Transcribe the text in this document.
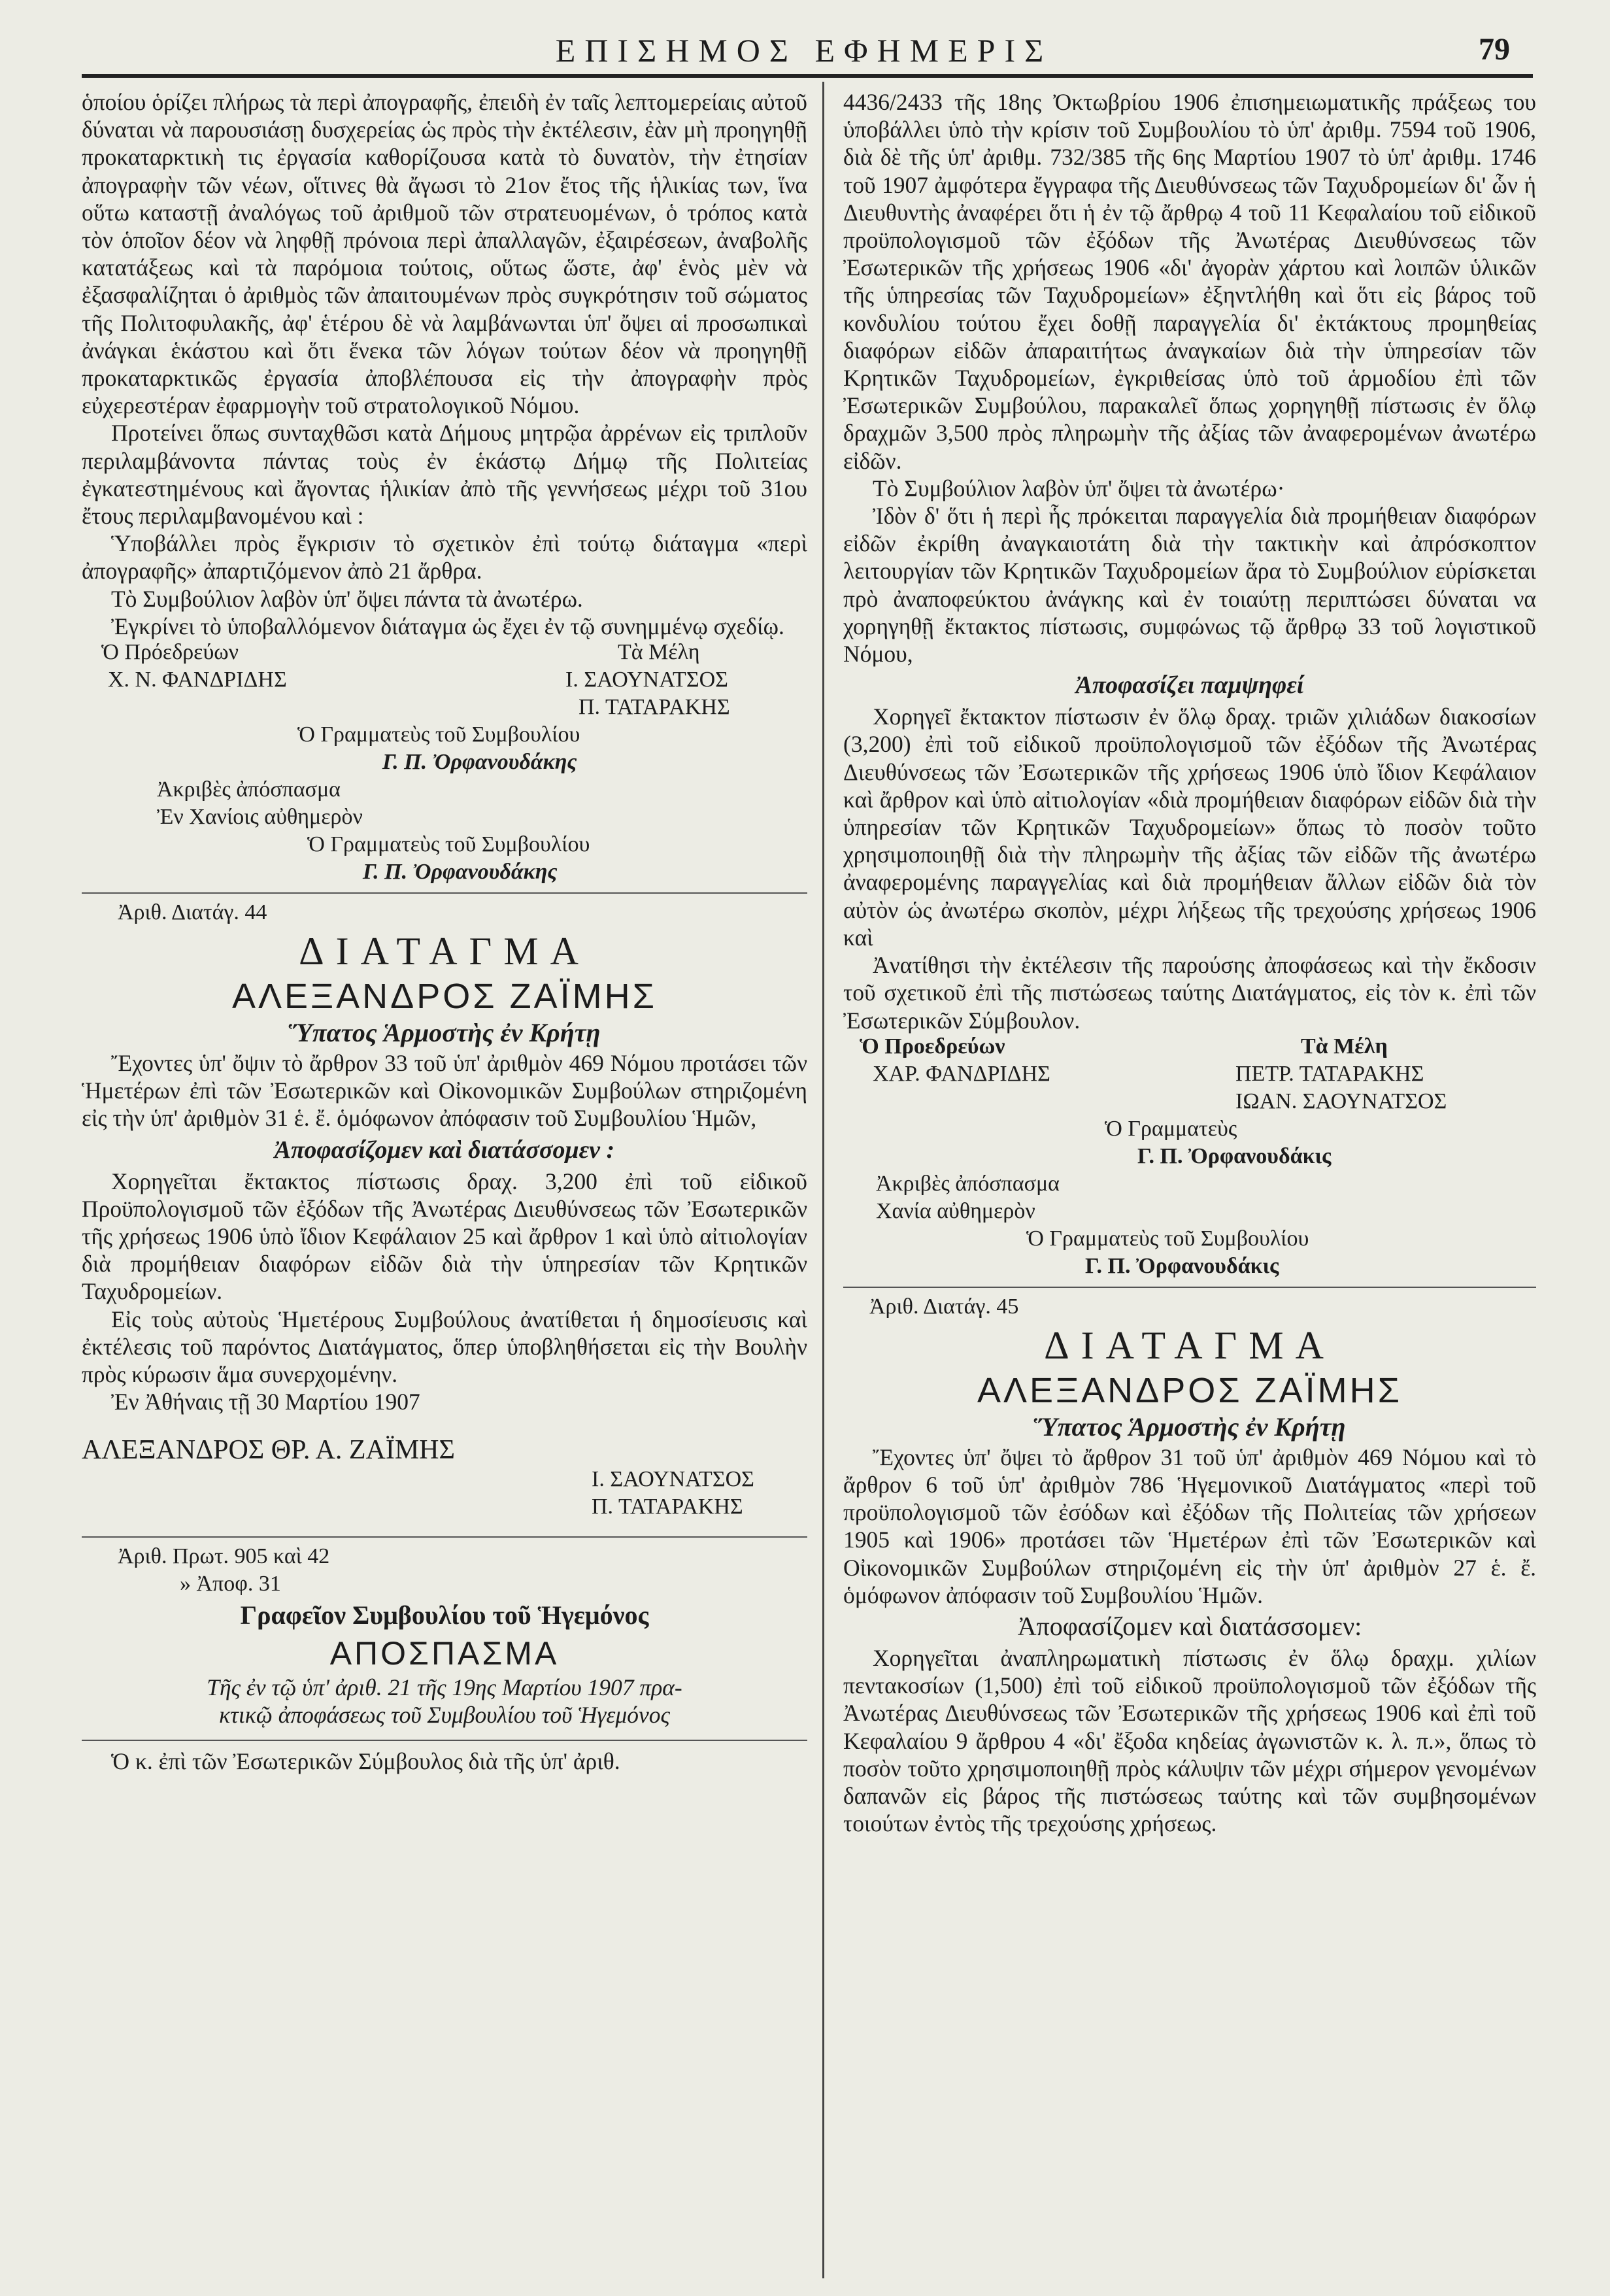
ΕΠΙΣΗΜΟΣ ΕΦΗΜΕΡΙΣ	79

ὁποίου ὁρίζει πλήρως τὰ περὶ ἀπογραφῆς, ἐπειδὴ ἐν ταῖς λεπτομερείαις αὐτοῦ δύναται νὰ παρουσιάσῃ δυσχερείας ὡς πρὸς τὴν ἐκτέλεσιν, ἐὰν μὴ προηγηθῇ προκαταρκτικὴ τις ἐργασία καθορίζουσα κατὰ τὸ δυνατὸν, τὴν ἐτησίαν ἀπογραφὴν τῶν νέων, οἵτινες θὰ ἄγωσι τὸ 21ον ἔτος τῆς ἡλικίας των, ἵνα οὕτω καταστῇ ἀναλόγως τοῦ ἀριθμοῦ τῶν στρατευομένων, ὁ τρόπος κατὰ τὸν ὁποῖον δέον νὰ ληφθῇ πρόνοια περὶ ἀπαλλαγῶν, ἐξαιρέσεων, ἀναβολῆς κατατάξεως καὶ τὰ παρόμοια τούτοις, οὕτως ὥστε, ἀφ' ἑνὸς μὲν νὰ ἐξασφαλίζηται ὁ ἀριθμὸς τῶν ἀπαιτουμένων πρὸς συγκρότησιν τοῦ σώματος τῆς Πολιτοφυλακῆς, ἀφ' ἑτέρου δὲ νὰ λαμβάνωνται ὑπ' ὄψει αἱ προσωπικαὶ ἀνάγκαι ἑκάστου καὶ ὅτι ἕνεκα τῶν λόγων τούτων δέον νὰ προηγηθῇ προκαταρκτικῶς ἐργασία ἀποβλέπουσα εἰς τὴν ἀπογραφὴν πρὸς εὐχερεστέραν ἐφαρμογὴν τοῦ στρατολογικοῦ Νόμου.

Προτείνει ὅπως συνταχθῶσι κατὰ Δήμους μητρῷα ἀρρένων εἰς τριπλοῦν περιλαμβάνοντα πάντας τοὺς ἐν ἑκάστῳ Δήμῳ τῆς Πολιτείας ἐγκατεστημένους καὶ ἄγοντας ἡλικίαν ἀπὸ τῆς γεννήσεως μέχρι τοῦ 31ου ἔτους περιλαμβανομένου καὶ :

Ὑποβάλλει πρὸς ἔγκρισιν τὸ σχετικὸν ἐπὶ τούτῳ διάταγμα «περὶ ἀπογραφῆς» ἀπαρτιζόμενον ἀπὸ 21 ἄρθρα.

Τὸ Συμβούλιον λαβὸν ὑπ' ὄψει πάντα τὰ ἀνωτέρω.

Ἐγκρίνει τὸ ὑποβαλλόμενον διάταγμα ὡς ἔχει ἐν τῷ συνημμένῳ σχεδίῳ.

Ὁ Πρόεδρεύων	Τὰ Μέλη
Χ. Ν. ΦΑΝΔΡΙΔΗΣ	Ι. ΣΑΟΥΝΑΤΣΟΣ
Π. ΤΑΤΑΡΑΚΗΣ
Ὁ Γραμματεὺς τοῦ Συμβουλίου
Γ. Π. Ὀρφανουδάκης
Ἀκριβὲς ἀπόσπασμα
Ἐν Χανίοις αὐθημερὸν
Ὁ Γραμματεὺς τοῦ Συμβουλίου
Γ. Π. Ὀρφανουδάκης
Ἀριθ. Διατάγ. 44
ΔΙΑΤΑΓΜΑ
ΑΛΕΞΑΝΔΡΟΣ ΖΑΪΜΗΣ
Ὕπατος Ἁρμοστὴς ἐν Κρήτῃ

Ἔχοντες ὑπ' ὄψιν τὸ ἄρθρον 33 τοῦ ὑπ' ἀριθμὸν 469 Νόμου προτάσει τῶν Ἡμετέρων ἐπὶ τῶν Ἐσωτερικῶν καὶ Οἰκονομικῶν Συμβούλων στηριζομένη εἰς τὴν ὑπ' ἀριθμὸν 31 ἑ. ἔ. ὁμόφωνον ἀπόφασιν τοῦ Συμβουλίου Ἡμῶν,

Ἀποφασίζομεν καὶ διατάσσομεν :

Χορηγεῖται ἔκτακτος πίστωσις δραχ. 3,200 ἐπὶ τοῦ εἰδικοῦ Προϋπολογισμοῦ τῶν ἐξόδων τῆς Ἀνωτέρας Διευθύνσεως τῶν Ἐσωτερικῶν τῆς χρήσεως 1906 ὑπὸ ἴδιον Κεφάλαιον 25 καὶ ἄρθρον 1 καὶ ὑπὸ αἰτιολογίαν διὰ προμήθειαν διαφόρων εἰδῶν διὰ τὴν ὑπηρεσίαν τῶν Κρητικῶν Ταχυδρομείων.

Εἰς τοὺς αὐτοὺς Ἡμετέρους Συμβούλους ἀνατίθεται ἡ δημοσίευσις καὶ ἐκτέλεσις τοῦ παρόντος Διατάγματος, ὅπερ ὑποβληθήσεται εἰς τὴν Βουλὴν πρὸς κύρωσιν ἅμα συνερχομένην.

Ἐν Ἀθήναις τῇ 30 Μαρτίου 1907

ΑΛΕΞΑΝΔΡΟΣ ΘΡ. Α. ΖΑΪΜΗΣ
Ι. ΣΑΟΥΝΑΤΣΟΣ
Π. ΤΑΤΑΡΑΚΗΣ
Ἀριθ. Πρωτ. 905 καὶ 42
» Ἀποφ. 31
Γραφεῖον Συμβουλίου τοῦ Ἡγεμόνος
ΑΠΟΣΠΑΣΜΑ
Τῆς ἐν τῷ ὑπ' ἀριθ. 21 τῆς 19ης Μαρτίου 1907 πρα-
κτικῷ ἀποφάσεως τοῦ Συμβουλίου τοῦ Ἡγεμόνος

Ὁ κ. ἐπὶ τῶν Ἐσωτερικῶν Σύμβουλος διὰ τῆς ὑπ' ἀριθ.

4436/2433 τῆς 18ης Ὀκτωβρίου 1906 ἐπισημειωματικῆς πράξεως του ὑποβάλλει ὑπὸ τὴν κρίσιν τοῦ Συμβουλίου τὸ ὑπ' ἀριθμ. 7594 τοῦ 1906, διὰ δὲ τῆς ὑπ' ἀριθμ. 732/385 τῆς 6ης Μαρτίου 1907 τὸ ὑπ' ἀριθμ. 1746 τοῦ 1907 ἀμφότερα ἔγγραφα τῆς Διευθύνσεως τῶν Ταχυδρομείων δι' ὧν ἡ Διευθυντὴς ἀναφέρει ὅτι ἡ ἐν τῷ ἄρθρῳ 4 τοῦ 11 Κεφαλαίου τοῦ εἰδικοῦ προϋπολογισμοῦ τῶν ἐξόδων τῆς Ἀνωτέρας Διευθύνσεως τῶν Ἐσωτερικῶν τῆς χρήσεως 1906 «δι' ἀγορὰν χάρτου καὶ λοιπῶν ὑλικῶν τῆς ὑπηρεσίας τῶν Ταχυδρομείων» ἐξηντλήθη καὶ ὅτι εἰς βάρος τοῦ κονδυλίου τούτου ἔχει δοθῇ παραγγελία δι' ἐκτάκτους προμηθείας διαφόρων εἰδῶν ἀπαραιτήτως ἀναγκαίων διὰ τὴν ὑπηρεσίαν τῶν Κρητικῶν Ταχυδρομείων, ἐγκριθείσας ὑπὸ τοῦ ἁρμοδίου ἐπὶ τῶν Ἐσωτερικῶν Συμβούλου, παρακαλεῖ ὅπως χορηγηθῇ πίστωσις ἐν ὅλῳ δραχμῶν 3,500 πρὸς πληρωμὴν τῆς ἀξίας τῶν ἀναφερομένων ἀνωτέρω εἰδῶν.

Τὸ Συμβούλιον λαβὸν ὑπ' ὄψει τὰ ἀνωτέρω·

Ἰδὸν δ' ὅτι ἡ περὶ ἧς πρόκειται παραγγελία διὰ προμήθειαν διαφόρων εἰδῶν ἐκρίθη ἀναγκαιοτάτη διὰ τὴν τακτικὴν καὶ ἀπρόσκοπτον λειτουργίαν τῶν Κρητικῶν Ταχυδρομείων ἄρα τὸ Συμβούλιον εὑρίσκεται πρὸ ἀναποφεύκτου ἀνάγκης καὶ ἐν τοιαύτῃ περιπτώσει δύναται να χορηγηθῇ ἔκτακτος πίστωσις, συμφώνως τῷ ἄρθρῳ 33 τοῦ λογιστικοῦ Νόμου,

Ἀποφασίζει παμψηφεί

Χορηγεῖ ἔκτακτον πίστωσιν ἐν ὅλῳ δραχ. τριῶν χιλιάδων διακοσίων (3,200) ἐπὶ τοῦ εἰδικοῦ προϋπολογισμοῦ τῶν ἐξόδων τῆς Ἀνωτέρας Διευθύνσεως τῶν Ἐσωτερικῶν τῆς χρήσεως 1906 ὑπὸ ἴδιον Κεφάλαιον καὶ ἄρθρον καὶ ὑπὸ αἰτιολογίαν «διὰ προμήθειαν διαφόρων εἰδῶν διὰ τὴν ὑπηρεσίαν τῶν Κρητικῶν Ταχυδρομείων» ὅπως τὸ ποσὸν τοῦτο χρησιμοποιηθῇ διὰ τὴν πληρωμὴν τῆς ἀξίας τῶν εἰδῶν τῆς ἀνωτέρω ἀναφερομένης παραγγελίας καὶ διὰ προμήθειαν ἄλλων εἰδῶν διὰ τὸν αὐτὸν ὡς ἀνωτέρω σκοπὸν, μέχρι λήξεως τῆς τρεχούσης χρήσεως 1906 καὶ

Ἀνατίθησι τὴν ἐκτέλεσιν τῆς παρούσης ἀποφάσεως καὶ τὴν ἔκδοσιν τοῦ σχετικοῦ ἐπὶ τῆς πιστώσεως ταύτης Διατάγματος, εἰς τὸν κ. ἐπὶ τῶν Ἐσωτερικῶν Σύμβουλον.

Ὁ Προεδρεύων	Τὰ Μέλη
ΧΑΡ. ΦΑΝΔΡΙΔΗΣ	ΠΕΤΡ. ΤΑΤΑΡΑΚΗΣ
ΙΩΑΝ. ΣΑΟΥΝΑΤΣΟΣ
Ὁ Γραμματεὺς
Γ. Π. Ὀρφανουδάκις
Ἀκριβὲς ἀπόσπασμα
Χανία αὐθημερὸν
Ὁ Γραμματεὺς τοῦ Συμβουλίου
Γ. Π. Ὀρφανουδάκις
Ἀριθ. Διατάγ. 45
ΔΙΑΤΑΓΜΑ
ΑΛΕΞΑΝΔΡΟΣ ΖΑΪΜΗΣ
Ὕπατος Ἁρμοστὴς ἐν Κρήτῃ

Ἔχοντες ὑπ' ὄψει τὸ ἄρθρον 31 τοῦ ὑπ' ἀριθμὸν 469 Νόμου καὶ τὸ ἄρθρον 6 τοῦ ὑπ' ἀριθμὸν 786 Ἡγεμονικοῦ Διατάγματος «περὶ τοῦ προϋπολογισμοῦ τῶν ἐσόδων καὶ ἐξόδων τῆς Πολιτείας τῶν χρήσεων 1905 καὶ 1906» προτάσει τῶν Ἡμετέρων ἐπὶ τῶν Ἐσωτερικῶν καὶ Οἰκονομικῶν Συμβούλων στηριζομένη εἰς τὴν ὑπ' ἀριθμὸν 27 ἑ. ἔ. ὁμόφωνον ἀπόφασιν τοῦ Συμβουλίου Ἡμῶν.

Ἀποφασίζομεν καὶ διατάσσομεν:

Χορηγεῖται ἀναπληρωματικὴ πίστωσις ἐν ὅλῳ δραχμ. χιλίων πεντακοσίων (1,500) ἐπὶ τοῦ εἰδικοῦ προϋπολογισμοῦ τῶν ἐξόδων τῆς Ἀνωτέρας Διευθύνσεως τῶν Ἐσωτερικῶν τῆς χρήσεως 1906 καὶ ἐπὶ τοῦ Κεφαλαίου 9 ἄρθρου 4 «δι' ἔξοδα κηδείας ἀγωνιστῶν κ. λ. π.», ὅπως τὸ ποσὸν τοῦτο χρησιμοποιηθῇ πρὸς κάλυψιν τῶν μέχρι σήμερον γενομένων δαπανῶν εἰς βάρος τῆς πιστώσεως ταύτης καὶ τῶν συμβησομένων τοιούτων ἐντὸς τῆς τρεχούσης χρήσεως.
